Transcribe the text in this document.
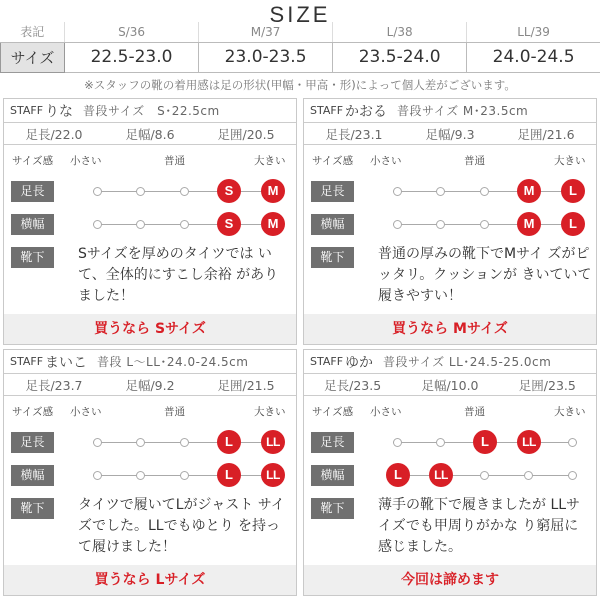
SIZE
表記	S/36	M/37	L/38	LL/39
サイズ	22.5-23.0	23.0-23.5	23.5-24.0	24.0-24.5
※スタッフの靴の着用感は足の形状(甲幅・甲高・形)によって個人差がございます。
STAFF りな 普段サイズ　S･22.5cm
足長/22.0	足幅/8.6	足囲/20.5
サイズ感 小さい	普通	大きい
足長	S	M
横幅	S	M
靴下	Sサイズを厚めのタイツでは いて、全体的にすこし余裕 がありました！
買うなら Sサイズ
STAFF かおる 普段サイズ M･23.5cm
足長/23.1	足幅/9.3	足囲/21.6
サイズ感 小さい	普通	大きい
足長	M	L
横幅	M	L
靴下	普通の厚みの靴下でMサイ ズがピッタリ。クッションが きいていて履きやすい！
買うなら Mサイズ
STAFF まいこ 普段 L～LL･24.0-24.5cm
足長/23.7	足幅/9.2	足囲/21.5
サイズ感 小さい	普通	大きい
足長	L	LL
横幅	L	LL
靴下	タイツで履いてLがジャスト サイズでした。LLでもゆとり を持って履けました！
買うなら Lサイズ
STAFF ゆか 普段サイズ LL･24.5-25.0cm
足長/23.5	足幅/10.0	足囲/23.5
サイズ感 小さい	普通	大きい
足長	L	LL
横幅	L	LL
靴下	薄手の靴下で履きましたが LLサイズでも甲周りがかな り窮屈に感じました。
今回は諦めます
